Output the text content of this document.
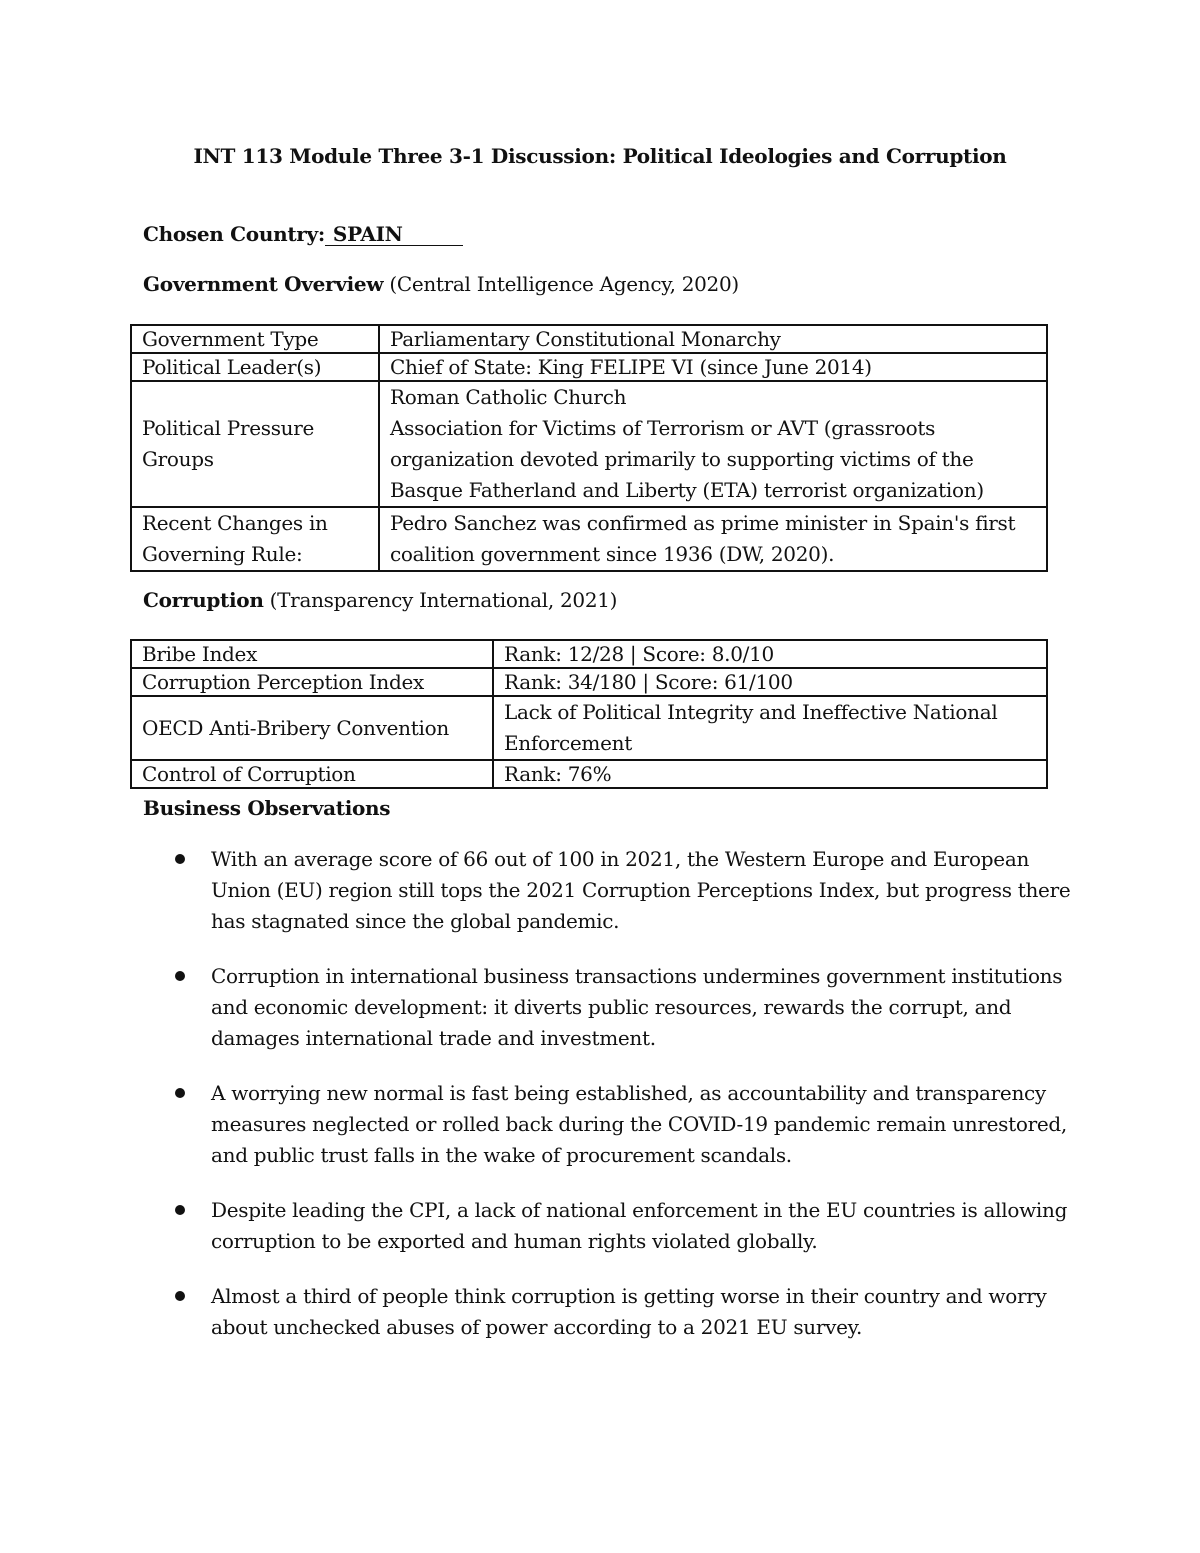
INT 113 Module Three 3-1 Discussion: Political Ideologies and Corruption
Chosen Country: SPAIN
Government Overview (Central Intelligence Agency, 2020)
Government Type	Parliamentary Constitutional Monarchy
Political Leader(s)	Chief of State: King FELIPE VI (since June 2014)
Political Pressure Groups	Roman Catholic Church
Association for Victims of Terrorism or AVT (grassroots organization devoted primarily to supporting victims of the Basque Fatherland and Liberty (ETA) terrorist organization)

Recent Changes in Governing Rule:	Pedro Sanchez was confirmed as prime minister in Spain's first coalition government since 1936 (DW, 2020).
Corruption (Transparency International, 2021)
Bribe Index	Rank: 12/28 | Score: 8.0/10
Corruption Perception Index	Rank: 34/180 | Score: 61/100
OECD Anti-Bribery Convention	Lack of Political Integrity and Ineffective National Enforcement
Control of Corruption	Rank: 76%
Business Observations
With an average score of 66 out of 100 in 2021, the Western Europe and European Union (EU) region still tops the 2021 Corruption Perceptions Index, but progress there has stagnated since the global pandemic.
Corruption in international business transactions undermines government institutions and economic development: it diverts public resources, rewards the corrupt, and damages international trade and investment.
A worrying new normal is fast being established, as accountability and transparency measures neglected or rolled back during the COVID-19 pandemic remain unrestored, and public trust falls in the wake of procurement scandals.
Despite leading the CPI, a lack of national enforcement in the EU countries is allowing corruption to be exported and human rights violated globally.
Almost a third of people think corruption is getting worse in their country and worry about unchecked abuses of power according to a 2021 EU survey.
